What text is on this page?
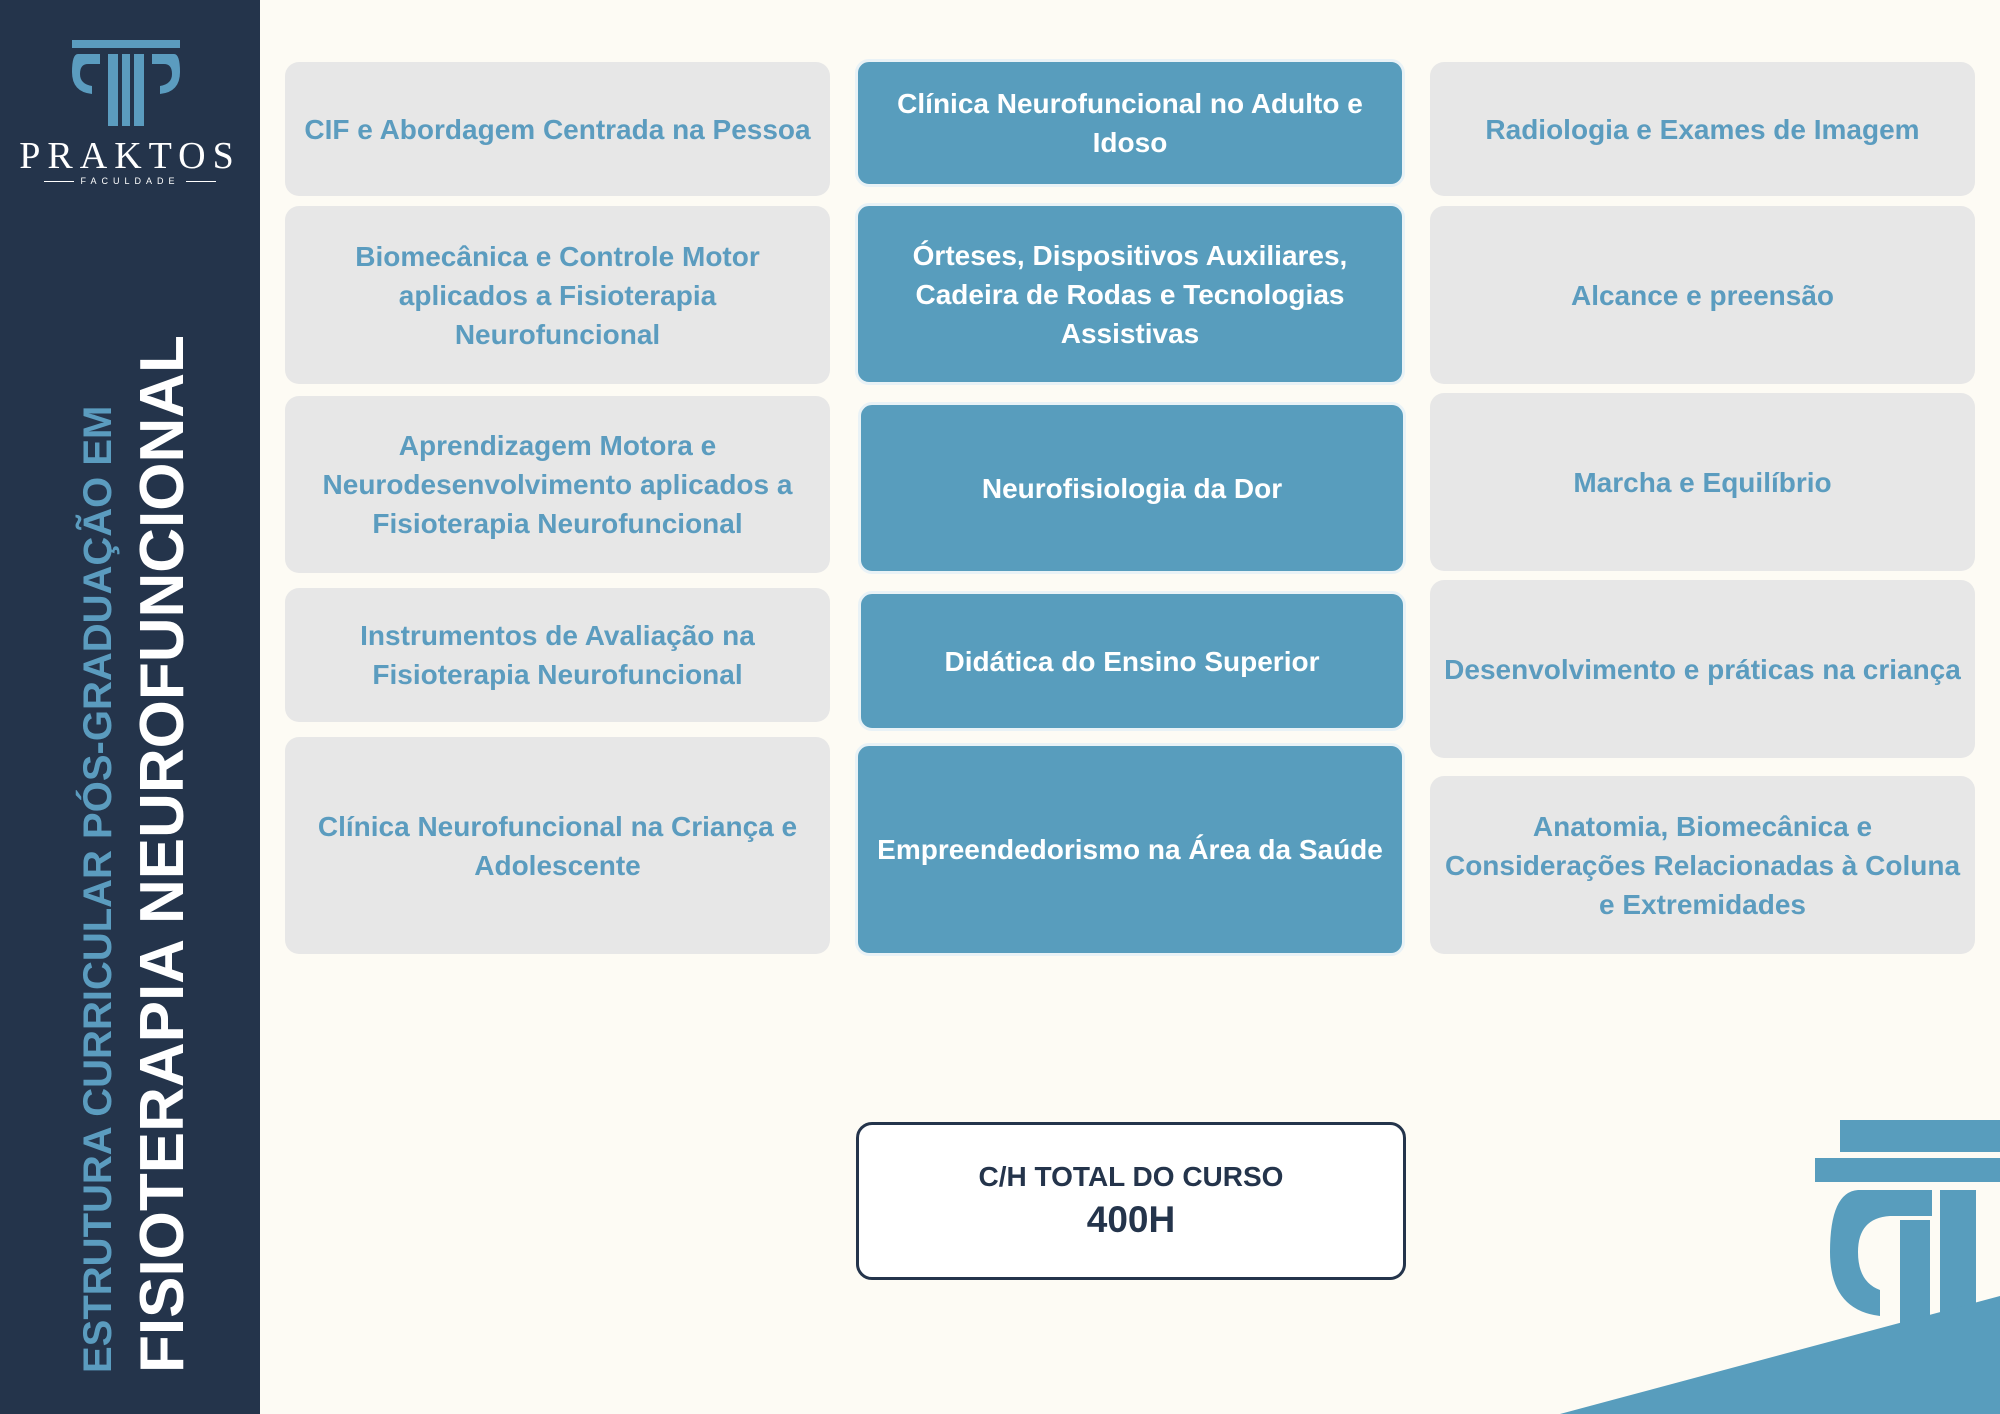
PRAKTOS
FACULDADE
ESTRUTURA CURRICULAR PÓS-GRADUAÇÃO EM FISIOTERAPIA NEUROFUNCIONAL
CIF e Abordagem Centrada na Pessoa
Biomecânica e Controle Motor aplicados a Fisioterapia Neurofuncional
Aprendizagem Motora e Neurodesenvolvimento aplicados a Fisioterapia Neurofuncional
Instrumentos de Avaliação na Fisioterapia Neurofuncional
Clínica Neurofuncional na Criança e Adolescente
Clínica Neurofuncional no Adulto e Idoso
Órteses, Dispositivos Auxiliares, Cadeira de Rodas e Tecnologias Assistivas
Neurofisiologia da Dor
Didática do Ensino Superior
Empreendedorismo na Área da Saúde
Radiologia e Exames de Imagem
Alcance e preensão
Marcha e Equilíbrio
Desenvolvimento e práticas na criança
Anatomia, Biomecânica e Considerações Relacionadas à Coluna e Extremidades
C/H TOTAL DO CURSO
400H
